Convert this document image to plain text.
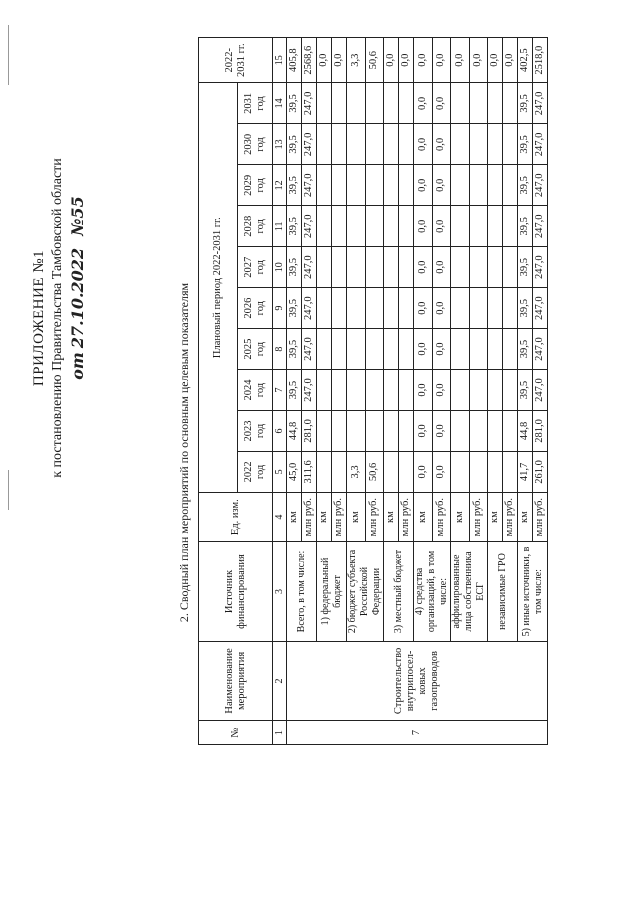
ПРИЛОЖЕНИЕ №1 к постановлению Правительства Тамбовской области от 27.10.2022   №55
2. Сводный план мероприятий по основным целевым показателям
№	Наименование мероприятия	Источник финансирования	Ед. изм.	Плановый период 2022-2031 гг.										2022-2031 гг.
				2022 год	2023 год	2024 год	2025 год	2026 год	2027 год	2028 год	2029 год	2030 год	2031 год	
1	2	3	4	5	6	7	8	9	10	11	12	13	14	15
7	Строительство внутрипосел-ковых газопроводов	Всего, в том числе:	км	45,0	44,8	39,5	39,5	39,5	39,5	39,5	39,5	39,5	39,5	405,8
			млн руб.	311,6	281,0	247,0	247,0	247,0	247,0	247,0	247,0	247,0	247,0	2568,6
		1) федеральный бюджет	км											0,0
			млн руб.											0,0
		2) бюджет субъекта Российской Федерации	км	3,3										3,3
			млн руб.	50,6										50,6
		3) местный бюджет	км											0,0
			млн руб.											0,0
		4) средства организаций, в том числе:	км	0,0	0,0	0,0	0,0	0,0	0,0	0,0	0,0	0,0	0,0	0,0
			млн руб.	0,0	0,0	0,0	0,0	0,0	0,0	0,0	0,0	0,0	0,0	0,0
		аффилированные лица собственника ЕСГ	км											0,0
			млн руб.											0,0
		независимые ГРО	км											0,0
			млн руб.											0,0
		5) иные источники, в том числе:	км	41,7	44,8	39,5	39,5	39,5	39,5	39,5	39,5	39,5	39,5	402,5
			млн руб.	261,0	281,0	247,0	247,0	247,0	247,0	247,0	247,0	247,0	247,0	2518,0
